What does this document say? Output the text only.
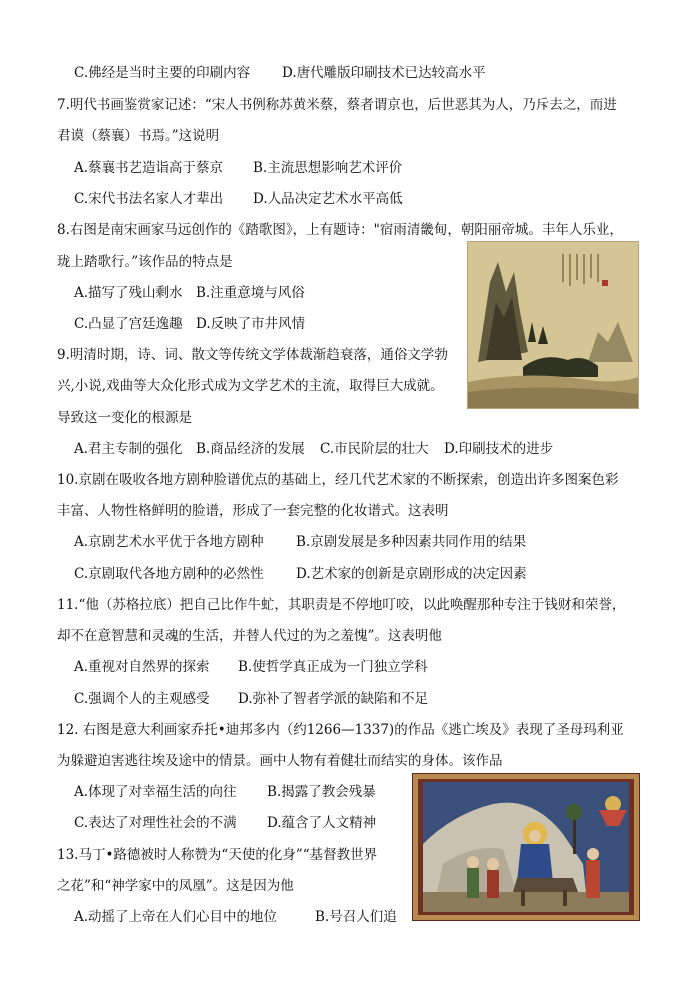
C.佛经是当时主要的印刷内容 D.唐代雕版印刷技术已达较高水平
7.明代书画鉴赏家记述：“宋人书例称苏黄米蔡，蔡者谓京也，后世恶其为人，乃斥去之，而进
君谟（蔡襄）书焉。”这说明
A.蔡襄书艺造诣高于蔡京 B.主流思想影响艺术评价
C.宋代书法名家人才辈出 D.人品决定艺术水平高低
8.右图是南宋画家马远创作的《踏歌图》，上有题诗："宿雨清畿甸，朝阳丽帝城。丰年人乐业，
珑上踏歌行。”该作品的特点是
A.描写了残山剩水 B.注重意境与风俗
C.凸显了宫廷逸趣 D.反映了市井风情
9.明清时期，诗、词、散文等传统文学体裁渐趋衰落，通俗文学勃
兴,小说,戏曲等大众化形式成为文学艺术的主流，取得巨大成就。
导致这一变化的根源是
A.君主专制的强化 B.商品经济的发展 C.市民阶层的壮大 D.印刷技术的进步
10.京剧在吸收各地方剧种脸谱优点的基础上，经几代艺术家的不断探索，创造出许多图案色彩
丰富、人物性格鲜明的脸谱，形成了一套完整的化妆谱式。这表明
A.京剧艺术水平优于各地方剧种 B.京剧发展是多种因素共同作用的结果
C.京剧取代各地方剧种的必然性 D.艺术家的创新是京剧形成的决定因素
11.“他（苏格拉底）把自己比作牛虻，其职责是不停地叮咬，以此唤醒那种专注于钱财和荣誉，
却不在意智慧和灵魂的生活，并替人代过的为之羞愧”。这表明他
A.重视对自然界的探索 B.使哲学真正成为一门独立学科
C.强调个人的主观感受 D.弥补了智者学派的缺陷和不足
12. 右图是意大利画家乔托•迪邦多内（约1266—1337)的作品《逃亡埃及》表现了圣母玛利亚
为躲避迫害逃往埃及途中的情景。画中人物有着健壮而结实的身体。该作品
A.体现了对幸福生活的向往 B.揭露了教会残暴
C.表达了对理性社会的不满 D.蕴含了人文精神
13.马丁•路德被时人称赞为“天使的化身”“基督教世界
之花”和“神学家中的凤凰”。这是因为他
A.动摇了上帝在人们心目中的地位	B.号召人们追
